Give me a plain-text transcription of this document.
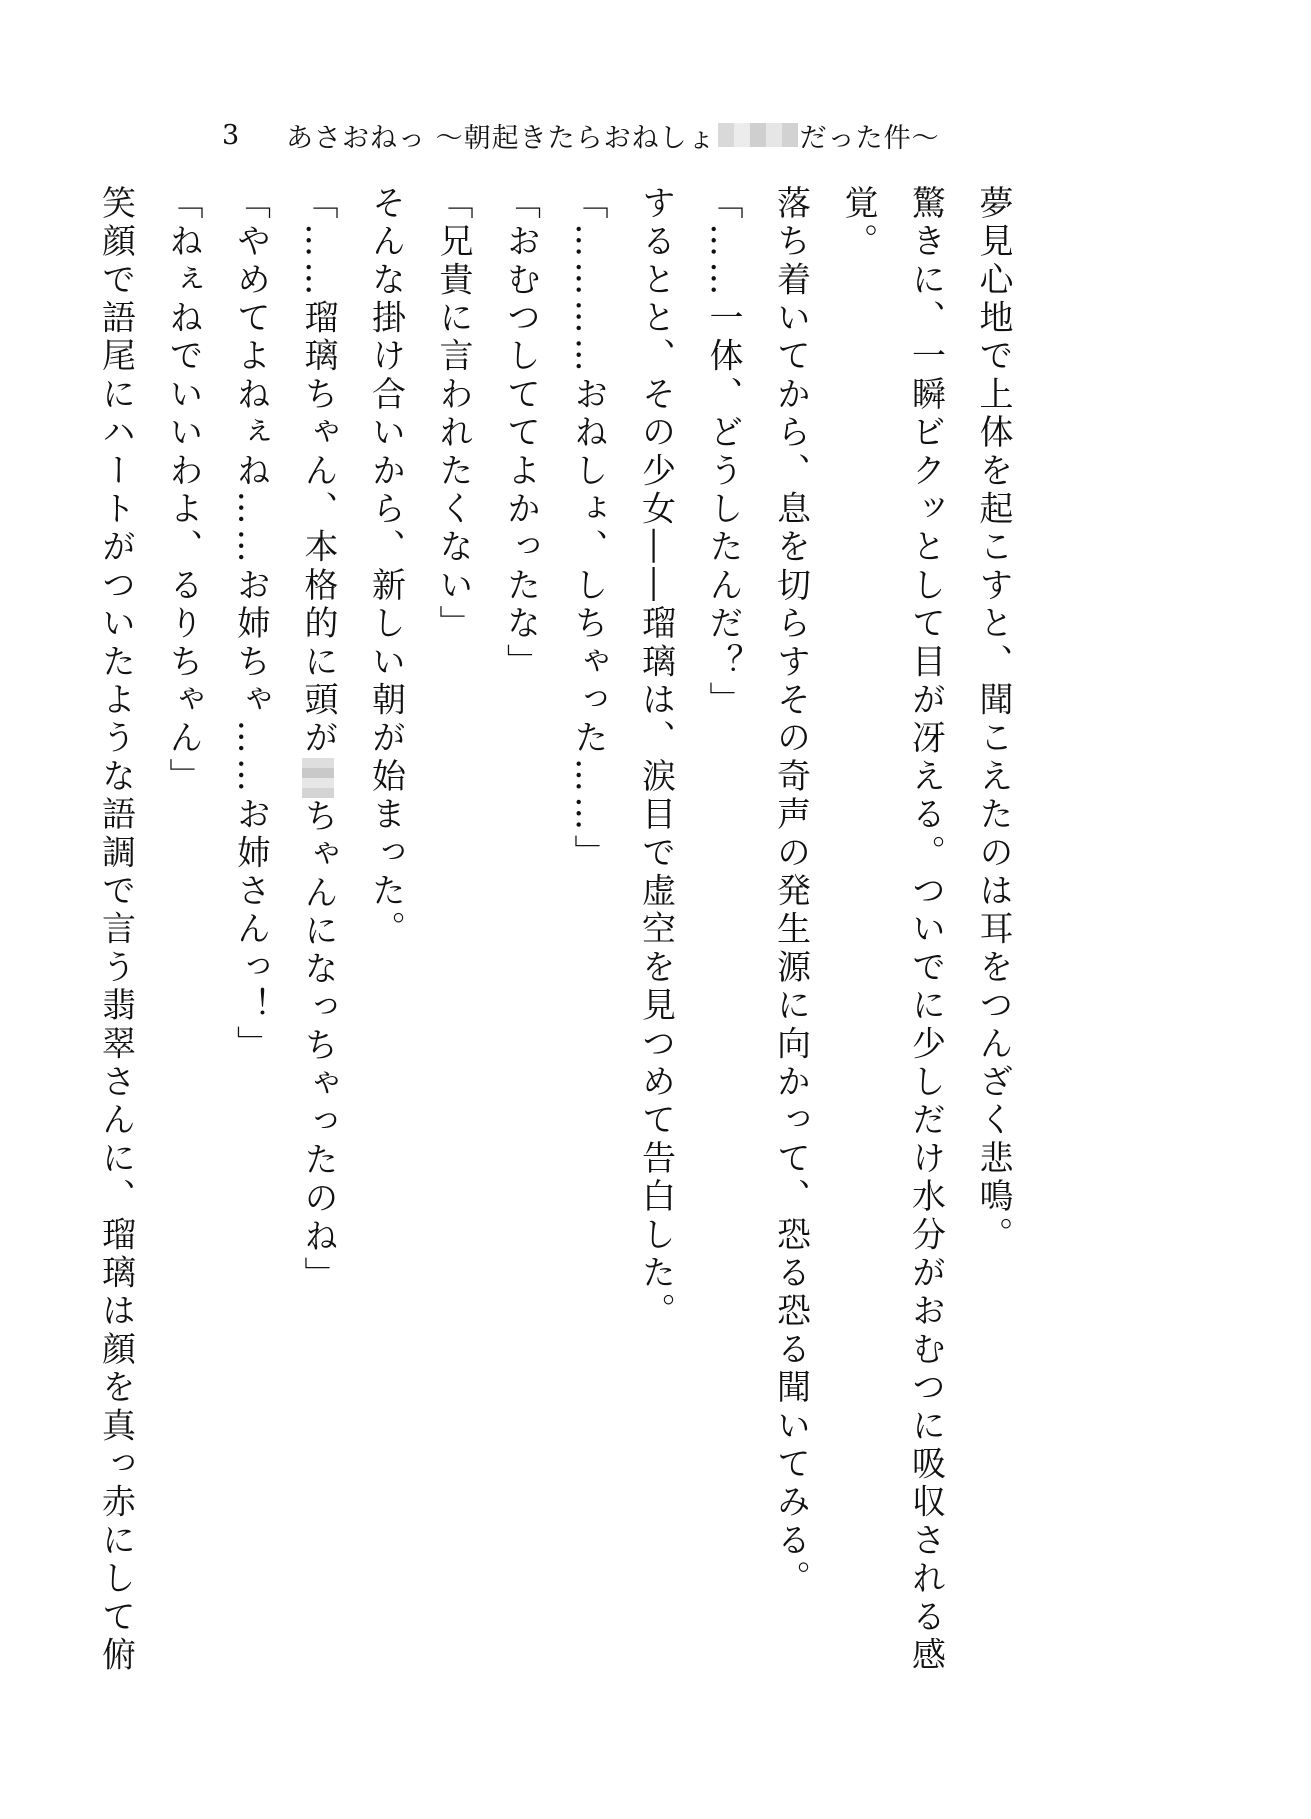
3	あさおねっ 〜朝起きたらおねしょ	だった件〜

夢見心地で上体を起こすと、聞こえたのは耳をつんざく悲鳴。

驚きに、一瞬ビクッとして目が冴える。ついでに少しだけ水分がおむつに吸収される感

覚。

落ち着いてから、息を切らすその奇声の発生源に向かって、恐る恐る聞いてみる。

「……一体、どうしたんだ？」

するとと、その少女――瑠璃は、涙目で虚空を見つめて告白した。

「…………おねしょ、しちゃった……」

「おむつしててよかったな」

「兄貴に言われたくない」

そんな掛け合いから、新しい朝が始まった。

「……瑠璃ちゃん、本格的に頭がちゃんになっちゃったのね」

「やめてよねぇね……お姉ちゃ……お姉さんっ！」

「ねぇねでいいわよ、るりちゃん」

笑顔で語尾にハートがついたような語調で言う翡翠さんに、瑠璃は顔を真っ赤にして俯
